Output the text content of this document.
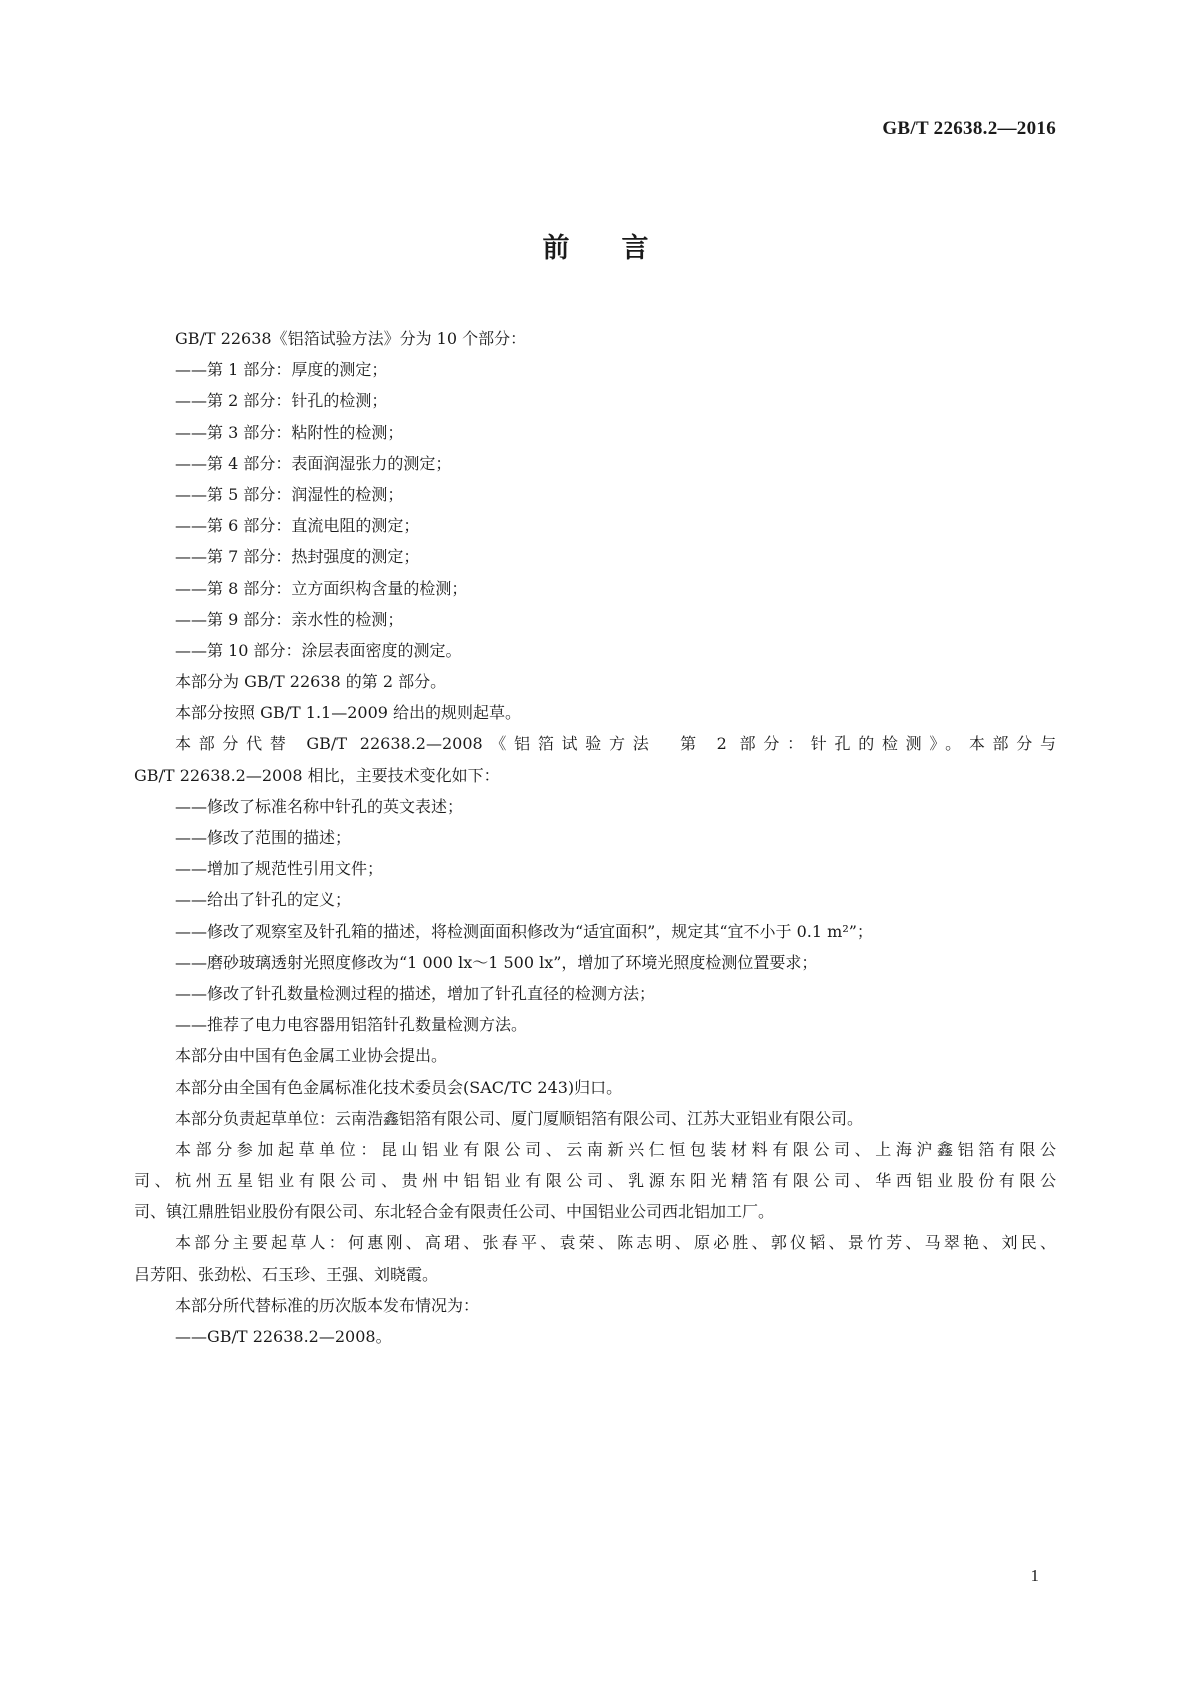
GB/T 22638.2—2016
前言
GB/T 22638《铝箔试验方法》分为 10 个部分：
——第 1 部分：厚度的测定；
——第 2 部分：针孔的检测；
——第 3 部分：粘附性的检测；
——第 4 部分：表面润湿张力的测定；
——第 5 部分：润湿性的检测；
——第 6 部分：直流电阻的测定；
——第 7 部分：热封强度的测定；
——第 8 部分：立方面织构含量的检测；
——第 9 部分：亲水性的检测；
——第 10 部分：涂层表面密度的测定。
本部分为 GB/T 22638 的第 2 部分。
本部分按照 GB/T 1.1—2009 给出的规则起草。
本部分代替 GB/T 22638.2—2008《铝箔试验方法　第 2 部分：针孔的检测》。本部分与
GB/T 22638.2—2008 相比，主要技术变化如下：
——修改了标准名称中针孔的英文表述；
——修改了范围的描述；
——增加了规范性引用文件；
——给出了针孔的定义；
——修改了观察室及针孔箱的描述，将检测面面积修改为“适宜面积”，规定其“宜不小于 0.1 m²”；
——磨砂玻璃透射光照度修改为“1 000 lx～1 500 lx”，增加了环境光照度检测位置要求；
——修改了针孔数量检测过程的描述，增加了针孔直径的检测方法；
——推荐了电力电容器用铝箔针孔数量检测方法。
本部分由中国有色金属工业协会提出。
本部分由全国有色金属标准化技术委员会(SAC/TC 243)归口。
本部分负责起草单位：云南浩鑫铝箔有限公司、厦门厦顺铝箔有限公司、江苏大亚铝业有限公司。
本部分参加起草单位：昆山铝业有限公司、云南新兴仁恒包装材料有限公司、上海沪鑫铝箔有限公
司、杭州五星铝业有限公司、贵州中铝铝业有限公司、乳源东阳光精箔有限公司、华西铝业股份有限公
司、镇江鼎胜铝业股份有限公司、东北轻合金有限责任公司、中国铝业公司西北铝加工厂。
本部分主要起草人：何惠刚、高珺、张春平、袁荣、陈志明、原必胜、郭仪韬、景竹芳、马翠艳、刘民、
吕芳阳、张劲松、石玉珍、王强、刘晓霞。
本部分所代替标准的历次版本发布情况为：
——GB/T 22638.2—2008。
1
